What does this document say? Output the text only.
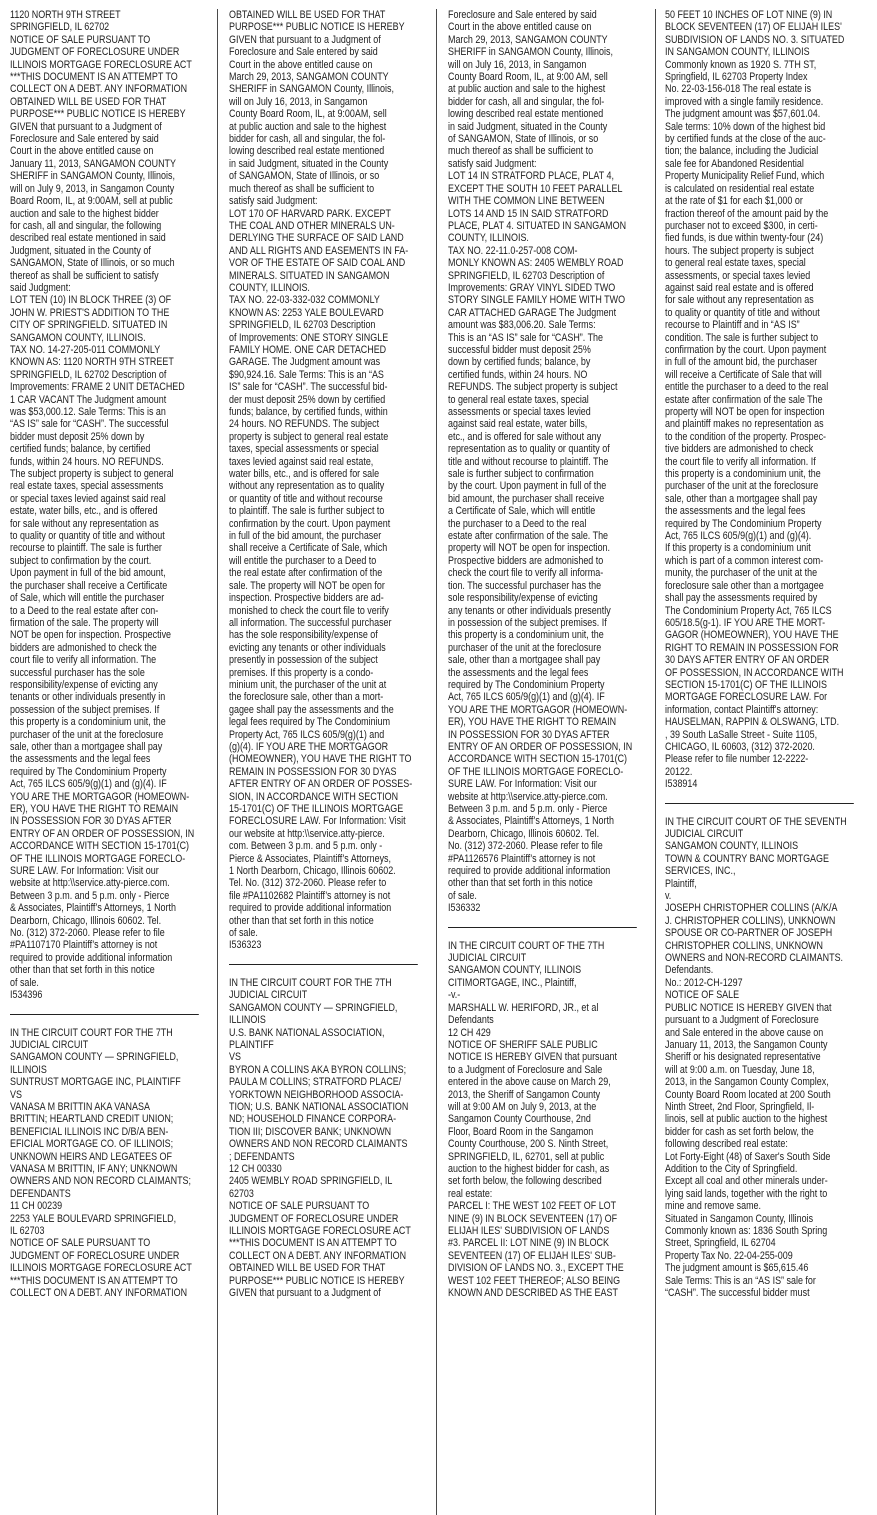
1120 NORTH 9TH STREET
SPRINGFIELD, IL 62702
NOTICE OF SALE PURSUANT TO
JUDGMENT OF FORECLOSURE UNDER
ILLINOIS MORTGAGE FORECLOSURE ACT
***THIS DOCUMENT IS AN ATTEMPT TO
COLLECT ON A DEBT. ANY INFORMATION
OBTAINED WILL BE USED FOR THAT
PURPOSE*** PUBLIC NOTICE IS HEREBY
GIVEN that pursuant to a Judgment of
Foreclosure and Sale entered by said
Court in the above entitled cause on
January 11, 2013, SANGAMON COUNTY
SHERIFF in SANGAMON County, Illinois,
will on July 9, 2013, in Sangamon County
Board Room, IL, at 9:00AM, sell at public
auction and sale to the highest bidder
for cash, all and singular, the following
described real estate mentioned in said
Judgment, situated in the County of
SANGAMON, State of Illinois, or so much
thereof as shall be sufficient to satisfy
said Judgment:
LOT TEN (10) IN BLOCK THREE (3) OF
JOHN W. PRIEST'S ADDITION TO THE
CITY OF SPRINGFIELD. SITUATED IN
SANGAMON COUNTY, ILLINOIS.
TAX NO. 14-27-205-011 COMMONLY
KNOWN AS: 1120 NORTH 9TH STREET
SPRINGFIELD, IL 62702 Description of
Improvements: FRAME 2 UNIT DETACHED
1 CAR VACANT The Judgment amount
was $53,000.12. Sale Terms: This is an
“AS IS” sale for “CASH”. The successful
bidder must deposit 25% down by
certified funds; balance, by certified
funds, within 24 hours. NO REFUNDS.
The subject property is subject to general
real estate taxes, special assessments
or special taxes levied against said real
estate, water bills, etc., and is offered
for sale without any representation as
to quality or quantity of title and without
recourse to plaintiff. The sale is further
subject to confirmation by the court.
Upon payment in full of the bid amount,
the purchaser shall receive a Certificate
of Sale, which will entitle the purchaser
to a Deed to the real estate after con-
firmation of the sale. The property will
NOT be open for inspection. Prospective
bidders are admonished to check the
court file to verify all information. The
successful purchaser has the sole
responsibility/expense of evicting any
tenants or other individuals presently in
possession of the subject premises. If
this property is a condominium unit, the
purchaser of the unit at the foreclosure
sale, other than a mortgagee shall pay
the assessments and the legal fees
required by The Condominium Property
Act, 765 ILCS 605/9(g)(1) and (g)(4). IF
YOU ARE THE MORTGAGOR (HOMEOWN-
ER), YOU HAVE THE RIGHT TO REMAIN
IN POSSESSION FOR 30 DYAS AFTER
ENTRY OF AN ORDER OF POSSESSION, IN
ACCORDANCE WITH SECTION 15-1701(C)
OF THE ILLINOIS MORTGAGE FORECLO-
SURE LAW. For Information: Visit our
website at http:\\service.atty-pierce.com.
Between 3 p.m. and 5 p.m. only - Pierce
& Associates, Plaintiff’s Attorneys, 1 North
Dearborn, Chicago, Illinois 60602. Tel.
No. (312) 372-2060. Please refer to file
#PA1107170 Plaintiff’s attorney is not
required to provide additional information
other than that set forth in this notice
of sale.
I534396
IN THE CIRCUIT COURT FOR THE 7TH
JUDICIAL CIRCUIT
SANGAMON COUNTY — SPRINGFIELD,
ILLINOIS
SUNTRUST MORTGAGE INC, PLAINTIFF
VS
VANASA M BRITTIN AKA VANASA
BRITTIN; HEARTLAND CREDIT UNION;
BENEFICIAL ILLINOIS INC D/B/A BEN-
EFICIAL MORTGAGE CO. OF ILLINOIS;
UNKNOWN HEIRS AND LEGATEES OF
VANASA M BRITTIN, IF ANY; UNKNOWN
OWNERS AND NON RECORD CLAIMANTS;
DEFENDANTS
11 CH 00239
2253 YALE BOULEVARD SPRINGFIELD,
IL 62703
NOTICE OF SALE PURSUANT TO
JUDGMENT OF FORECLOSURE UNDER
ILLINOIS MORTGAGE FORECLOSURE ACT
***THIS DOCUMENT IS AN ATTEMPT TO
COLLECT ON A DEBT. ANY INFORMATION
OBTAINED WILL BE USED FOR THAT
PURPOSE*** PUBLIC NOTICE IS HEREBY
GIVEN that pursuant to a Judgment of
Foreclosure and Sale entered by said
Court in the above entitled cause on
March 29, 2013, SANGAMON COUNTY
SHERIFF in SANGAMON County, Illinois,
will on July 16, 2013, in Sangamon
County Board Room, IL, at 9:00AM, sell
at public auction and sale to the highest
bidder for cash, all and singular, the fol-
lowing described real estate mentioned
in said Judgment, situated in the County
of SANGAMON, State of Illinois, or so
much thereof as shall be sufficient to
satisfy said Judgment:
LOT 170 OF HARVARD PARK. EXCEPT
THE COAL AND OTHER MINERALS UN-
DERLYING THE SURFACE OF SAID LAND
AND ALL RIGHTS AND EASEMENTS IN FA-
VOR OF THE ESTATE OF SAID COAL AND
MINERALS. SITUATED IN SANGAMON
COUNTY, ILLINOIS.
TAX NO. 22-03-332-032 COMMONLY
KNOWN AS: 2253 YALE BOULEVARD
SPRINGFIELD, IL 62703 Description
of Improvements: ONE STORY SINGLE
FAMILY HOME. ONE CAR DETACHED
GARAGE. The Judgment amount was
$90,924.16. Sale Terms: This is an “AS
IS” sale for “CASH”. The successful bid-
der must deposit 25% down by certified
funds; balance, by certified funds, within
24 hours. NO REFUNDS. The subject
property is subject to general real estate
taxes, special assessments or special
taxes levied against said real estate,
water bills, etc., and is offered for sale
without any representation as to quality
or quantity of title and without recourse
to plaintiff. The sale is further subject to
confirmation by the court. Upon payment
in full of the bid amount, the purchaser
shall receive a Certificate of Sale, which
will entitle the purchaser to a Deed to
the real estate after confirmation of the
sale. The property will NOT be open for
inspection. Prospective bidders are ad-
monished to check the court file to verify
all information. The successful purchaser
has the sole responsibility/expense of
evicting any tenants or other individuals
presently in possession of the subject
premises. If this property is a condo-
minium unit, the purchaser of the unit at
the foreclosure sale, other than a mort-
gagee shall pay the assessments and the
legal fees required by The Condominium
Property Act, 765 ILCS 605/9(g)(1) and
(g)(4). IF YOU ARE THE MORTGAGOR
(HOMEOWNER), YOU HAVE THE RIGHT TO
REMAIN IN POSSESSION FOR 30 DYAS
AFTER ENTRY OF AN ORDER OF POSSES-
SION, IN ACCORDANCE WITH SECTION
15-1701(C) OF THE ILLINOIS MORTGAGE
FORECLOSURE LAW. For Information: Visit
our website at http:\\service.atty-pierce.
com. Between 3 p.m. and 5 p.m. only -
Pierce & Associates, Plaintiff’s Attorneys,
1 North Dearborn, Chicago, Illinois 60602.
Tel. No. (312) 372-2060. Please refer to
file #PA1102682 Plaintiff’s attorney is not
required to provide additional information
other than that set forth in this notice
of sale.
I536323
IN THE CIRCUIT COURT FOR THE 7TH
JUDICIAL CIRCUIT
SANGAMON COUNTY — SPRINGFIELD,
ILLINOIS
U.S. BANK NATIONAL ASSOCIATION,
PLAINTIFF
VS
BYRON A COLLINS AKA BYRON COLLINS;
PAULA M COLLINS; STRATFORD PLACE/
YORKTOWN NEIGHBORHOOD ASSOCIA-
TION; U.S. BANK NATIONAL ASSOCIATION
ND; HOUSEHOLD FINANCE CORPORA-
TION III; DISCOVER BANK; UNKNOWN
OWNERS AND NON RECORD CLAIMANTS
; DEFENDANTS
12 CH 00330
2405 WEMBLY ROAD SPRINGFIELD, IL
62703
NOTICE OF SALE PURSUANT TO
JUDGMENT OF FORECLOSURE UNDER
ILLINOIS MORTGAGE FORECLOSURE ACT
***THIS DOCUMENT IS AN ATTEMPT TO
COLLECT ON A DEBT. ANY INFORMATION
OBTAINED WILL BE USED FOR THAT
PURPOSE*** PUBLIC NOTICE IS HEREBY
GIVEN that pursuant to a Judgment of
Foreclosure and Sale entered by said
Court in the above entitled cause on
March 29, 2013, SANGAMON COUNTY
SHERIFF in SANGAMON County, Illinois,
will on July 16, 2013, in Sangamon
County Board Room, IL, at 9:00 AM, sell
at public auction and sale to the highest
bidder for cash, all and singular, the fol-
lowing described real estate mentioned
in said Judgment, situated in the County
of SANGAMON, State of Illinois, or so
much thereof as shall be sufficient to
satisfy said Judgment:
LOT 14 IN STRATFORD PLACE, PLAT 4,
EXCEPT THE SOUTH 10 FEET PARALLEL
WITH THE COMMON LINE BETWEEN
LOTS 14 AND 15 IN SAID STRATFORD
PLACE, PLAT 4. SITUATED IN SANGAMON
COUNTY, ILLINOIS.
TAX NO. 22-11.0-257-008 COM-
MONLY KNOWN AS: 2405 WEMBLY ROAD
SPRINGFIELD, IL 62703 Description of
Improvements: GRAY VINYL SIDED TWO
STORY SINGLE FAMILY HOME WITH TWO
CAR ATTACHED GARAGE The Judgment
amount was $83,006.20. Sale Terms:
This is an “AS IS” sale for “CASH”. The
successful bidder must deposit 25%
down by certified funds; balance, by
certified funds, within 24 hours. NO
REFUNDS. The subject property is subject
to general real estate taxes, special
assessments or special taxes levied
against said real estate, water bills,
etc., and is offered for sale without any
representation as to quality or quantity of
title and without recourse to plaintiff. The
sale is further subject to confirmation
by the court. Upon payment in full of the
bid amount, the purchaser shall receive
a Certificate of Sale, which will entitle
the purchaser to a Deed to the real
estate after confirmation of the sale. The
property will NOT be open for inspection.
Prospective bidders are admonished to
check the court file to verify all informa-
tion. The successful purchaser has the
sole responsibility/expense of evicting
any tenants or other individuals presently
in possession of the subject premises. If
this property is a condominium unit, the
purchaser of the unit at the foreclosure
sale, other than a mortgagee shall pay
the assessments and the legal fees
required by The Condominium Property
Act, 765 ILCS 605/9(g)(1) and (g)(4). IF
YOU ARE THE MORTGAGOR (HOMEOWN-
ER), YOU HAVE THE RIGHT TO REMAIN
IN POSSESSION FOR 30 DYAS AFTER
ENTRY OF AN ORDER OF POSSESSION, IN
ACCORDANCE WITH SECTION 15-1701(C)
OF THE ILLINOIS MORTGAGE FORECLO-
SURE LAW. For Information: Visit our
website at http:\\service.atty-pierce.com.
Between 3 p.m. and 5 p.m. only - Pierce
& Associates, Plaintiff’s Attorneys, 1 North
Dearborn, Chicago, Illinois 60602. Tel.
No. (312) 372-2060. Please refer to file
#PA1126576 Plaintiff’s attorney is not
required to provide additional information
other than that set forth in this notice
of sale.
I536332
IN THE CIRCUIT COURT OF THE 7TH
JUDICIAL CIRCUIT
SANGAMON COUNTY, ILLINOIS
CITIMORTGAGE, INC., Plaintiff,
-v.-
MARSHALL W. HERIFORD, JR., et al
Defendants
12 CH 429
NOTICE OF SHERIFF SALE PUBLIC
NOTICE IS HEREBY GIVEN that pursuant
to a Judgment of Foreclosure and Sale
entered in the above cause on March 29,
2013, the Sheriff of Sangamon County
will at 9:00 AM on July 9, 2013, at the
Sangamon County Courthouse, 2nd
Floor, Board Room in the Sangamon
County Courthouse, 200 S. Ninth Street,
SPRINGFIELD, IL, 62701, sell at public
auction to the highest bidder for cash, as
set forth below, the following described
real estate:
PARCEL I: THE WEST 102 FEET OF LOT
NINE (9) IN BLOCK SEVENTEEN (17) OF
ELIJAH ILES' SUBDIVISION OF LANDS
#3. PARCEL II: LOT NINE (9) IN BLOCK
SEVENTEEN (17) OF ELIJAH ILES' SUB-
DIVISION OF LANDS NO. 3., EXCEPT THE
WEST 102 FEET THEREOF; ALSO BEING
KNOWN AND DESCRIBED AS THE EAST
50 FEET 10 INCHES OF LOT NINE (9) IN
BLOCK SEVENTEEN (17) OF ELIJAH ILES'
SUBDIVISION OF LANDS NO. 3. SITUATED
IN SANGAMON COUNTY, ILLINOIS
Commonly known as 1920 S. 7TH ST,
Springfield, IL 62703 Property Index
No. 22-03-156-018 The real estate is
improved with a single family residence.
The judgment amount was $57,601.04.
Sale terms: 10% down of the highest bid
by certified funds at the close of the auc-
tion; the balance, including the Judicial
sale fee for Abandoned Residential
Property Municipality Relief Fund, which
is calculated on residential real estate
at the rate of $1 for each $1,000 or
fraction thereof of the amount paid by the
purchaser not to exceed $300, in certi-
fied funds, is due within twenty-four (24)
hours. The subject property is subject
to general real estate taxes, special
assessments, or special taxes levied
against said real estate and is offered
for sale without any representation as
to quality or quantity of title and without
recourse to Plaintiff and in “AS IS”
condition. The sale is further subject to
confirmation by the court. Upon payment
in full of the amount bid, the purchaser
will receive a Certificate of Sale that will
entitle the purchaser to a deed to the real
estate after confirmation of the sale The
property will NOT be open for inspection
and plaintiff makes no representation as
to the condition of the property. Prospec-
tive bidders are admonished to check
the court file to verify all information. If
this property is a condominium unit, the
purchaser of the unit at the foreclosure
sale, other than a mortgagee shall pay
the assessments and the legal fees
required by The Condominium Property
Act, 765 ILCS 605/9(g)(1) and (g)(4).
If this property is a condominium unit
which is part of a common interest com-
munity, the purchaser of the unit at the
foreclosure sale other than a mortgagee
shall pay the assessments required by
The Condominium Property Act, 765 ILCS
605/18.5(g-1). IF YOU ARE THE MORT-
GAGOR (HOMEOWNER), YOU HAVE THE
RIGHT TO REMAIN IN POSSESSION FOR
30 DAYS AFTER ENTRY OF AN ORDER
OF POSSESSION, IN ACCORDANCE WITH
SECTION 15-1701(C) OF THE ILLINOIS
MORTGAGE FORECLOSURE LAW. For
information, contact Plaintiff's attorney:
HAUSELMAN, RAPPIN & OLSWANG, LTD.
, 39 South LaSalle Street - Suite 1105,
CHICAGO, IL 60603, (312) 372-2020.
Please refer to file number 12-2222-
20122.
I538914
IN THE CIRCUIT COURT OF THE SEVENTH
JUDICIAL CIRCUIT
SANGAMON COUNTY, ILLINOIS
TOWN & COUNTRY BANC MORTGAGE
SERVICES, INC.,
Plaintiff,
v.
JOSEPH CHRISTOPHER COLLINS (A/K/A
J. CHRISTOPHER COLLINS), UNKNOWN
SPOUSE OR CO-PARTNER OF JOSEPH
CHRISTOPHER COLLINS, UNKNOWN
OWNERS and NON-RECORD CLAIMANTS.
Defendants.
No.: 2012-CH-1297
NOTICE OF SALE
PUBLIC NOTICE IS HEREBY GIVEN that
pursuant to a Judgment of Foreclosure
and Sale entered in the above cause on
January 11, 2013, the Sangamon County
Sheriff or his designated representative
will at 9:00 a.m. on Tuesday, June 18,
2013, in the Sangamon County Complex,
County Board Room located at 200 South
Ninth Street, 2nd Floor, Springfield, Il-
linois, sell at public auction to the highest
bidder for cash as set forth below, the
following described real estate:
Lot Forty-Eight (48) of Saxer's South Side
Addition to the City of Springfield.
Except all coal and other minerals under-
lying said lands, together with the right to
mine and remove same.
Situated in Sangamon County, Illinois
Commonly known as: 1836 South Spring
Street, Springfield, IL 62704
Property Tax No. 22-04-255-009
The judgment amount is $65,615.46
Sale Terms: This is an “AS IS” sale for
“CASH”. The successful bidder must
